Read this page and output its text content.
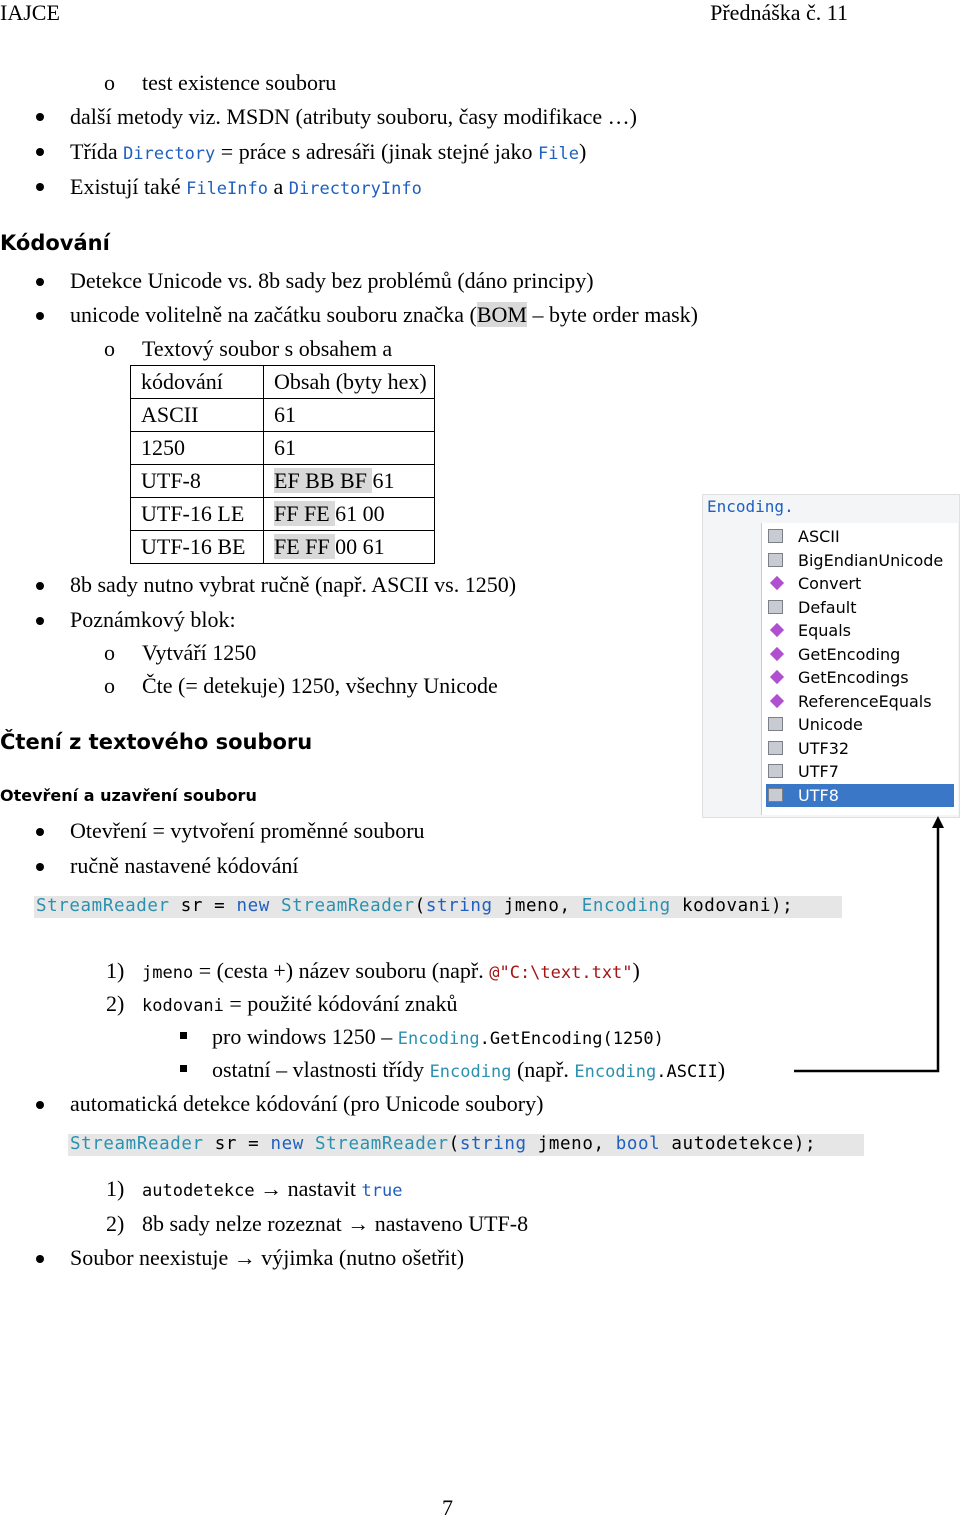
IAJCE	Přednáška č. 11
o test existence souboru
další metody viz. MSDN (atributy souboru, časy modifikace …)
Třída Directory = práce s adresáři (jinak stejné jako File)
Existují také FileInfo a DirectoryInfo
Kódování
Detekce Unicode vs. 8b sady bez problémů (dáno principy)
unicode volitelně na začátku souboru značka (BOM – byte order mask)
o Textový soubor s obsahem a
kódování	Obsah (byty hex)
ASCII	61
1250	61
UTF-8	EF BB BF 61
UTF-16 LE	FF FE 61 00
UTF-16 BE	FE FF 00 61
8b sady nutno vybrat ručně (např. ASCII vs. 1250)
Poznámkový blok:
o Vytváří 1250
o Čte (= detekuje) 1250, všechny Unicode
Čtení z textového souboru
Otevření a uzavření souboru
Otevření = vytvoření proměnné souboru
ručně nastavené kódování
StreamReader sr = new StreamReader(string jmeno, Encoding kodovani);
1) jmeno = (cesta +) název souboru (např. @"C:\text.txt")
2) kodovani = použité kódování znaků
pro windows 1250 – Encoding.GetEncoding(1250)
ostatní – vlastnosti třídy Encoding (např. Encoding.ASCII)
automatická detekce kódování (pro Unicode soubory)
StreamReader sr = new StreamReader(string jmeno, bool autodetekce);
1) autodetekce → nastavit true
2) 8b sady nelze rozeznat → nastaveno UTF-8
Soubor neexistuje → výjimka (nutno ošetřit)
Encoding.
ASCII
BigEndianUnicode
Convert
Default
Equals
GetEncoding
GetEncodings
ReferenceEquals
Unicode
UTF32
UTF7
UTF8
7
